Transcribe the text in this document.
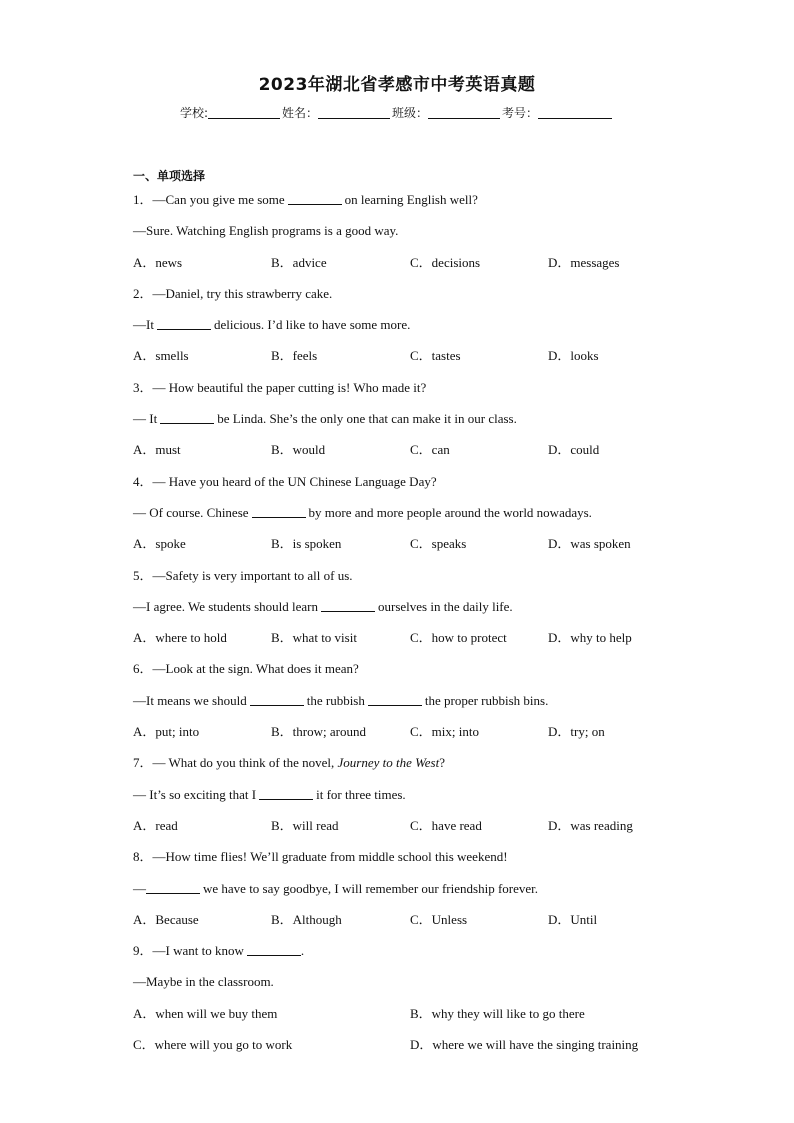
2023年湖北省孝感市中考英语真题
学校:	姓名：	班级：	考号：
一、单项选择
1．—Can you give me some	on learning English well?
—Sure. Watching English programs is a good way.
A．news	B．advice	C．decisions	D．messages
2．—Daniel, try this strawberry cake.
—It	delicious. I’d like to have some more.
A．smells	B．feels	C．tastes	D．looks
3．— How beautiful the paper cutting is! Who made it?
— It	be Linda. She’s the only one that can make it in our class.
A．must	B．would	C．can	D．could
4．— Have you heard of the UN Chinese Language Day?
— Of course. Chinese	by more and more people around the world nowadays.
A．spoke	B．is spoken	C．speaks	D．was spoken
5．—Safety is very important to all of us.
—I agree. We students should learn	ourselves in the daily life.
A．where to hold	B．what to visit	C．how to protect	D．why to help
6．—Look at the sign. What does it mean?
—It means we should	the rubbish	the proper rubbish bins.
A．put; into	B．throw; around	C．mix; into	D．try; on
7．— What do you think of the novel, Journey to the West?
— It’s so exciting that I	it for three times.
A．read	B．will read	C．have read	D．was reading
8．—How time flies! We’ll graduate from middle school this weekend!
—	we have to say goodbye, I will remember our friendship forever.
A．Because	B．Although	C．Unless	D．Until
9．—I want to know	.
—Maybe in the classroom.
A．when will we buy them	B．why they will like to go there
C．where will you go to work	D．where we will have the singing training
